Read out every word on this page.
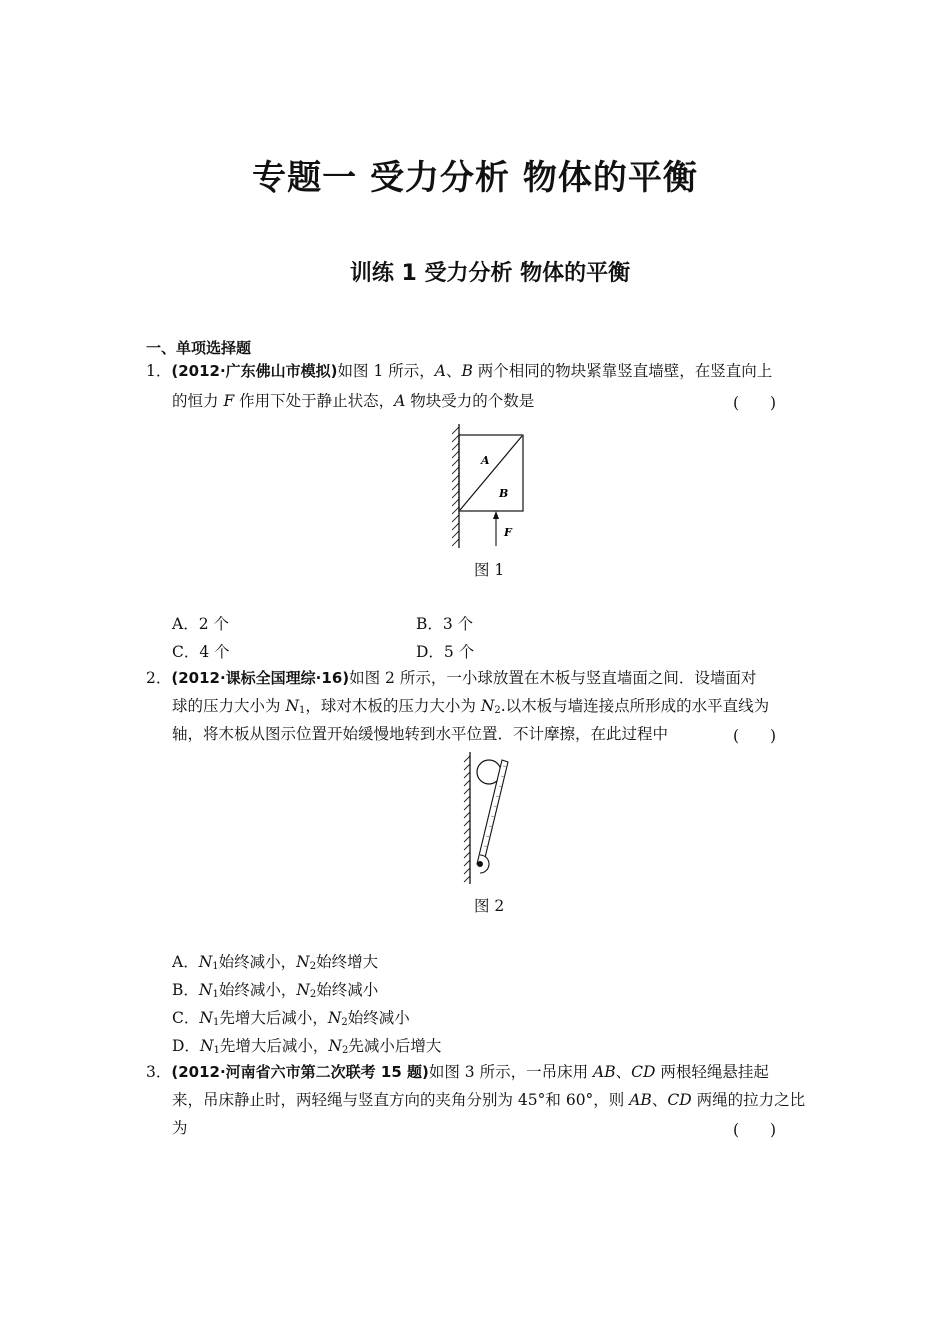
专题一 受力分析 物体的平衡
训练 1 受力分析 物体的平衡
一、单项选择题
1．(2012·广东佛山市模拟)如图 1 所示，A、B 两个相同的物块紧靠竖直墙壁，在竖直向上
的恒力 F 作用下处于静止状态，A 物块受力的个数是	(　　)
A
B
F
图 1
A．2 个	B．3 个
C．4 个	D．5 个
2．(2012·课标全国理综·16)如图 2 所示，一小球放置在木板与竖直墙面之间．设墙面对
球的压力大小为 $N_1$，球对木板的压力大小为 $N_2$.以木板与墙连接点所形成的水平直线为
轴，将木板从图示位置开始缓慢地转到水平位置．不计摩擦，在此过程中	(　　)
图 2
A．$N_1$始终减小，$N_2$始终增大
B．$N_1$始终减小，$N_2$始终减小
C．$N_1$先增大后减小，$N_2$始终减小
D．$N_1$先增大后减小，$N_2$先减小后增大
3．(2012·河南省六市第二次联考 15 题)如图 3 所示，一吊床用 AB、CD 两根轻绳悬挂起
来，吊床静止时，两轻绳与竖直方向的夹角分别为 45°和 60°，则 AB、CD 两绳的拉力之比
为	(　　)
